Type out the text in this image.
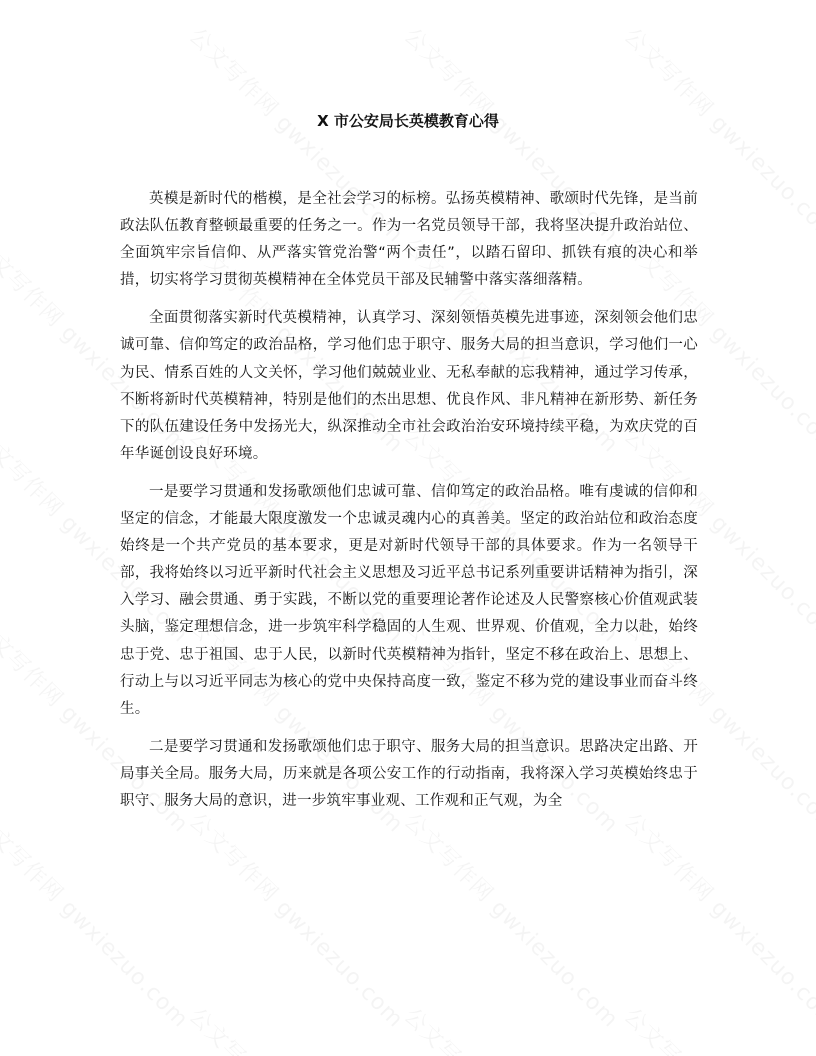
X 市公安局长英模教育心得

英模是新时代的楷模，是全社会学习的标榜。弘扬英模精神、歌颂时代先锋，是当前政法队伍教育整顿最重要的任务之一。作为一名党员领导干部，我将坚决提升政治站位、全面筑牢宗旨信仰、从严落实管党治警“两个责任”，以踏石留印、抓铁有痕的决心和举措，切实将学习贯彻英模精神在全体党员干部及民辅警中落实落细落精。

全面贯彻落实新时代英模精神，认真学习、深刻领悟英模先进事迹，深刻领会他们忠诚可靠、信仰笃定的政治品格，学习他们忠于职守、服务大局的担当意识，学习他们一心为民、情系百姓的人文关怀，学习他们兢兢业业、无私奉献的忘我精神，通过学习传承，不断将新时代英模精神，特别是他们的杰出思想、优良作风、非凡精神在新形势、新任务下的队伍建设任务中发扬光大，纵深推动全市社会政治治安环境持续平稳，为欢庆党的百年华诞创设良好环境。

一是要学习贯通和发扬歌颂他们忠诚可靠、信仰笃定的政治品格。唯有虔诚的信仰和坚定的信念，才能最大限度激发一个忠诚灵魂内心的真善美。坚定的政治站位和政治态度始终是一个共产党员的基本要求，更是对新时代领导干部的具体要求。作为一名领导干部，我将始终以习近平新时代社会主义思想及习近平总书记系列重要讲话精神为指引，深入学习、融会贯通、勇于实践，不断以党的重要理论著作论述及人民警察核心价值观武装头脑，鉴定理想信念，进一步筑牢科学稳固的人生观、世界观、价值观，全力以赴，始终忠于党、忠于祖国、忠于人民，以新时代英模精神为指针，坚定不移在政治上、思想上、行动上与以习近平同志为核心的党中央保持高度一致，鉴定不移为党的建设事业而奋斗终生。

二是要学习贯通和发扬歌颂他们忠于职守、服务大局的担当意识。思路决定出路、开局事关全局。服务大局，历来就是各项公安工作的行动指南，我将深入学习英模始终忠于职守、服务大局的意识，进一步筑牢事业观、工作观和正气观，为全
